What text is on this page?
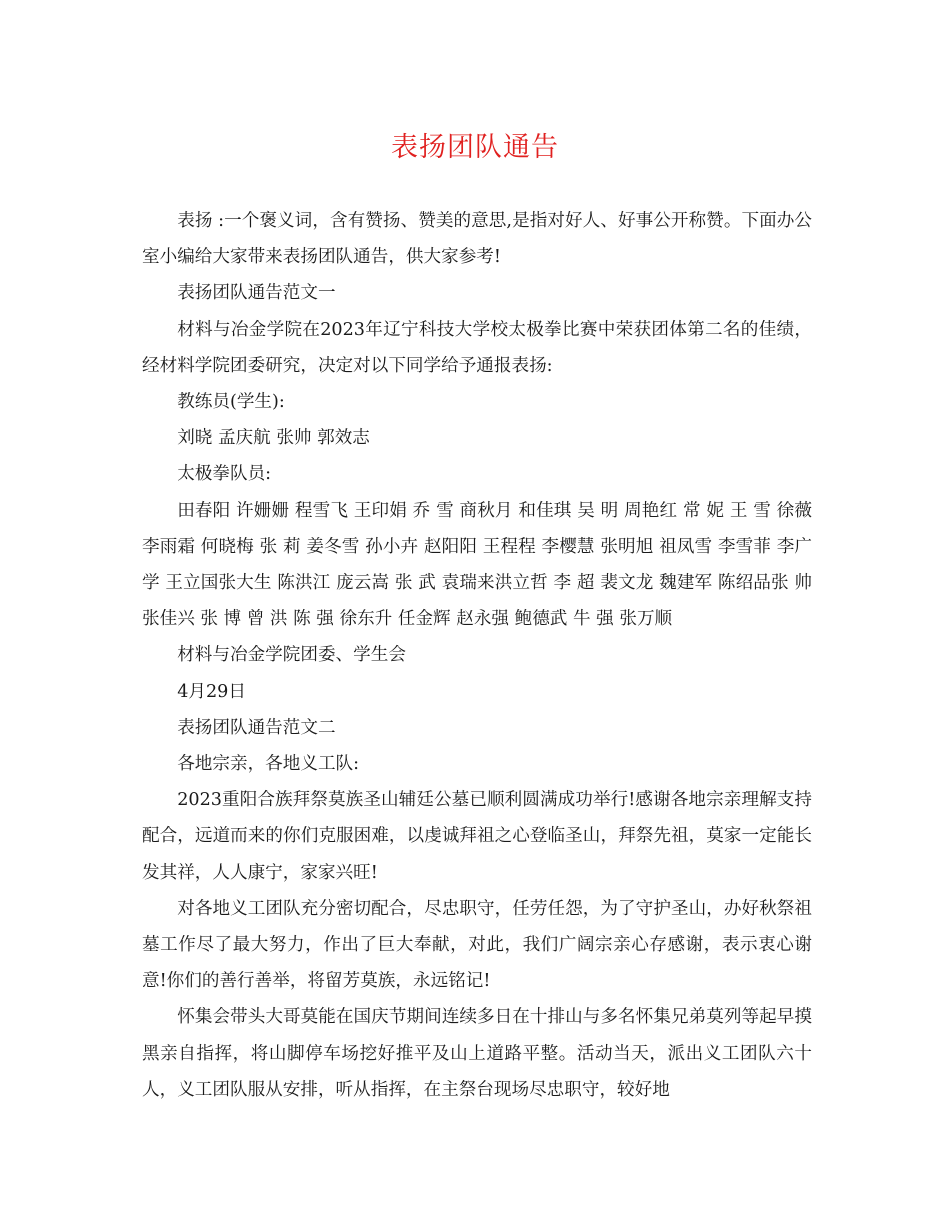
表扬团队通告

表扬 :一个褒义词，含有赞扬、赞美的意思,是指对好人、好事公开称赞。下面办公室小编给大家带来表扬团队通告，供大家参考!

表扬团队通告范文一

材料与冶金学院在2023年辽宁科技大学校太极拳比赛中荣获团体第二名的佳绩，经材料学院团委研究，决定对以下同学给予通报表扬:

教练员(学生):

刘晓 孟庆航 张帅 郭效志

太极拳队员:

田春阳 许姗姗 程雪飞 王印娟 乔 雪 商秋月 和佳琪 吴 明 周艳红 常 妮 王 雪 徐薇 李雨霜 何晓梅 张 莉 姜冬雪 孙小卉 赵阳阳 王程程 李樱慧 张明旭 祖凤雪 李雪菲 李广学 王立国张大生 陈洪江 庞云嵩 张 武 袁瑞来洪立哲 李 超 裴文龙 魏建军 陈绍品张 帅 张佳兴 张 博 曾 洪 陈 强 徐东升 任金辉 赵永强 鲍德武 牛 强 张万顺

材料与冶金学院团委、学生会

4月29日

表扬团队通告范文二

各地宗亲，各地义工队:

2023重阳合族拜祭莫族圣山辅廷公墓已顺利圆满成功举行!感谢各地宗亲理解支持配合，远道而来的你们克服困难，以虔诚拜祖之心登临圣山，拜祭先祖，莫家一定能长发其祥，人人康宁，家家兴旺!

对各地义工团队充分密切配合，尽忠职守，任劳任怨，为了守护圣山，办好秋祭祖墓工作尽了最大努力，作出了巨大奉献，对此，我们广阔宗亲心存感谢，表示衷心谢意!你们的善行善举，将留芳莫族，永远铭记!

怀集会带头大哥莫能在国庆节期间连续多日在十排山与多名怀集兄弟莫列等起早摸黑亲自指挥，将山脚停车场挖好推平及山上道路平整。活动当天，派出义工团队六十人，义工团队服从安排，听从指挥，在主祭台现场尽忠职守，较好地
